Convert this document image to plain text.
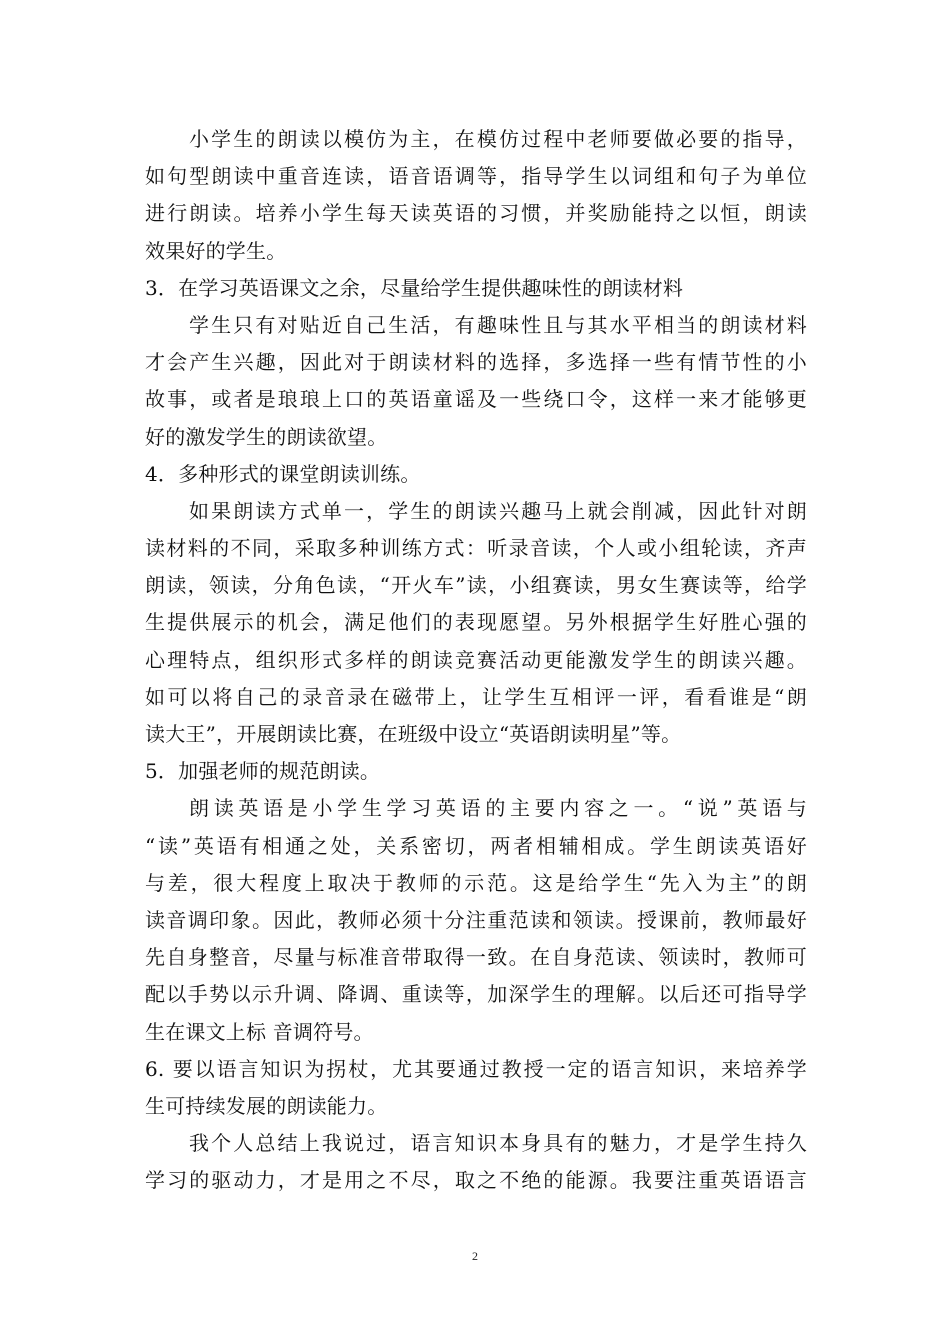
小学生的朗读以模仿为主，在模仿过程中老师要做必要的指导，
如句型朗读中重音连读，语音语调等，指导学生以词组和句子为单位
进行朗读。培养小学生每天读英语的习惯，并奖励能持之以恒，朗读
效果好的学生。
3．在学习英语课文之余，尽量给学生提供趣味性的朗读材料
学生只有对贴近自己生活，有趣味性且与其水平相当的朗读材料
才会产生兴趣，因此对于朗读材料的选择，多选择一些有情节性的小
故事，或者是琅琅上口的英语童谣及一些绕口令，这样一来才能够更
好的激发学生的朗读欲望。
4．多种形式的课堂朗读训练。
如果朗读方式单一，学生的朗读兴趣马上就会削减，因此针对朗
读材料的不同，采取多种训练方式：听录音读，个人或小组轮读，齐声
朗读，领读，分角色读，“开火车”读，小组赛读，男女生赛读等，给学
生提供展示的机会，满足他们的表现愿望。另外根据学生好胜心强的
心理特点，组织形式多样的朗读竞赛活动更能激发学生的朗读兴趣。
如可以将自己的录音录在磁带上，让学生互相评一评，看看谁是“朗
读大王”，开展朗读比赛，在班级中设立“英语朗读明星”等。
5．加强老师的规范朗读。
朗读英语是小学生学习英语的主要内容之一。“说”英语与
“读”英语有相通之处，关系密切，两者相辅相成。学生朗读英语好
与差，很大程度上取决于教师的示范。这是给学生“先入为主”的朗
读音调印象。因此，教师必须十分注重范读和领读。授课前，教师最好
先自身整音，尽量与标准音带取得一致。在自身范读、领读时，教师可
配以手势以示升调、降调、重读等，加深学生的理解。以后还可指导学
生在课文上标 音调符号。
6. 要以语言知识为拐杖，尤其要通过教授一定的语言知识，来培养学
生可持续发展的朗读能力。
我个人总结上我说过，语言知识本身具有的魅力，才是学生持久
学习的驱动力，才是用之不尽，取之不绝的能源。我要注重英语语言
2
